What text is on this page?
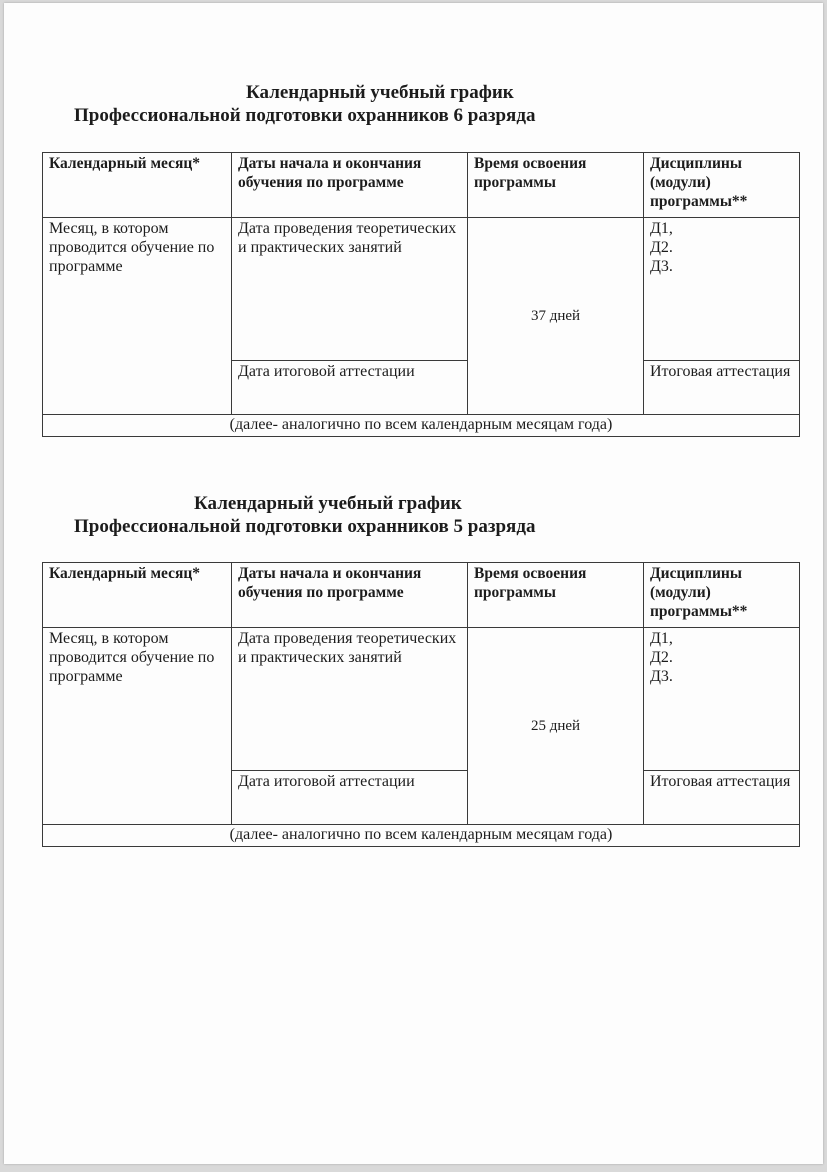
Календарный учебный график
Профессиональной подготовки охранников 6 разряда
Календарный месяц*	Даты начала и окончания обучения по программе	Время освоения программы	Дисциплины (модули) программы**
Месяц, в котором проводится обучение по программе	Дата проведения теоретических и практических занятий	37 дней	Д1,
Д2.
Д3.
	Дата итоговой аттестации		Итоговая аттестация
(далее- аналогично по всем календарным месяцам года)			
Календарный учебный график
Профессиональной подготовки охранников 5 разряда
Календарный месяц*	Даты начала и окончания обучения по программе	Время освоения программы	Дисциплины (модули) программы**
Месяц, в котором проводится обучение по программе	Дата проведения теоретических и практических занятий	25 дней	Д1,
Д2.
Д3.
	Дата итоговой аттестации		Итоговая аттестация
(далее- аналогично по всем календарным месяцам года)			
